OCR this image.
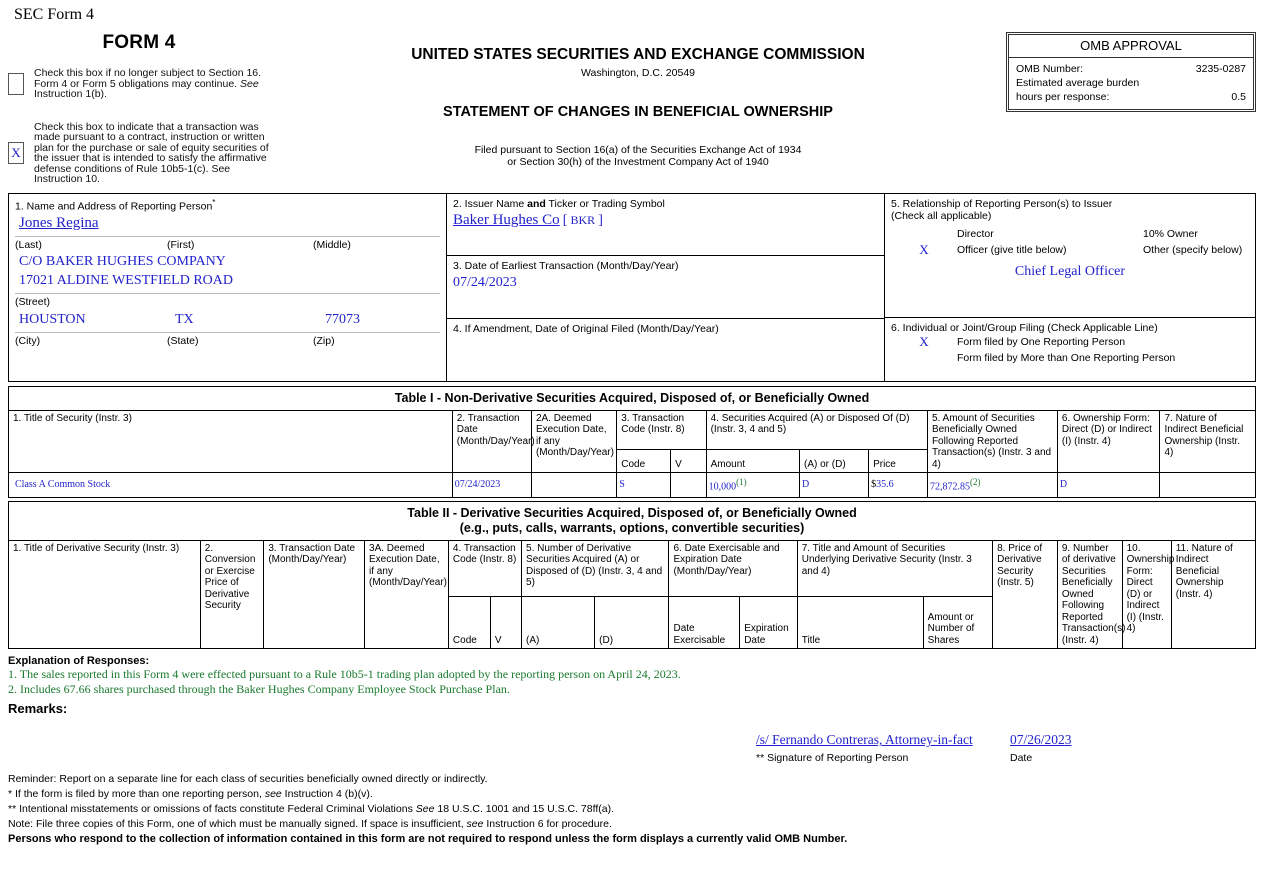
SEC Form 4
FORM 4
Check this box if no longer subject to Section 16. Form 4 or Form 5 obligations may continue. See Instruction 1(b).
X
Check this box to indicate that a transaction was made pursuant to a contract, instruction or written plan for the purchase or sale of equity securities of the issuer that is intended to satisfy the affirmative defense conditions of Rule 10b5-1(c). See Instruction 10.
UNITED STATES SECURITIES AND EXCHANGE COMMISSION
Washington, D.C. 20549
STATEMENT OF CHANGES IN BENEFICIAL OWNERSHIP
Filed pursuant to Section 16(a) of the Securities Exchange Act of 1934
or Section 30(h) of the Investment Company Act of 1940
OMB APPROVAL
OMB Number:	3235-0287
Estimated average burden
hours per response:	0.5
1. Name and Address of Reporting Person*
Jones Regina
(Last)	(First)	(Middle)
C/O BAKER HUGHES COMPANY
17021 ALDINE WESTFIELD ROAD
(Street)
HOUSTON	TX	77073
(City)	(State)	(Zip)
2. Issuer Name and Ticker or Trading Symbol
Baker Hughes Co [ BKR ]
3. Date of Earliest Transaction (Month/Day/Year)
07/24/2023
4. If Amendment, Date of Original Filed (Month/Day/Year)
5. Relationship of Reporting Person(s) to Issuer
(Check all applicable)
Director	10% Owner
X	Officer (give title below)	Other (specify below)
Chief Legal Officer
6. Individual or Joint/Group Filing (Check Applicable Line)
X	Form filed by One Reporting Person
Form filed by More than One Reporting Person
Table I - Non-Derivative Securities Acquired, Disposed of, or Beneficially Owned										
1. Title of Security (Instr. 3)	2. Transaction Date (Month/Day/Year)	2A. Deemed Execution Date, if any (Month/Day/Year)	3. Transaction Code (Instr. 8)		4. Securities Acquired (A) or Disposed Of (D) (Instr. 3, 4 and 5)			5. Amount of Securities Beneficially Owned Following Reported Transaction(s) (Instr. 3 and 4)	6. Ownership Form: Direct (D) or Indirect (I) (Instr. 4)	7. Nature of Indirect Beneficial Ownership (Instr. 4)
			Code	V	Amount	(A) or (D)	Price			
Class A Common Stock	07/24/2023		S		10,000(1)	D	$35.6	72,872.85(2)	D	
Table II - Derivative Securities Acquired, Disposed of, or Beneficially Owned
(e.g., puts, calls, warrants, options, convertible securities)															

1. Title of Derivative Security (Instr. 3)	2. Conversion or Exercise Price of Derivative Security	3. Transaction Date (Month/Day/Year)	3A. Deemed Execution Date, if any (Month/Day/Year)	4. Transaction Code (Instr. 8)		5. Number of Derivative Securities Acquired (A) or Disposed of (D) (Instr. 3, 4 and 5)		6. Date Exercisable and Expiration Date (Month/Day/Year)		7. Title and Amount of Securities Underlying Derivative Security (Instr. 3 and 4)		8. Price of Derivative Security (Instr. 5)	9. Number of derivative Securities Beneficially Owned Following Reported Transaction(s) (Instr. 4)	10. Ownership Form: Direct (D) or Indirect (I) (Instr. 4)	11. Nature of Indirect Beneficial Ownership (Instr. 4)
				Code	V	(A)	(D)	Date Exercisable	Expiration Date	Title	Amount or Number of Shares				
Explanation of Responses:
1. The sales reported in this Form 4 were effected pursuant to a Rule 10b5-1 trading plan adopted by the reporting person on April 24, 2023.
2. Includes 67.66 shares purchased through the Baker Hughes Company Employee Stock Purchase Plan.
Remarks:
/s/ Fernando Contreras, Attorney-in-fact
** Signature of Reporting Person
07/26/2023
Date
Reminder: Report on a separate line for each class of securities beneficially owned directly or indirectly.
* If the form is filed by more than one reporting person, see Instruction 4 (b)(v).
** Intentional misstatements or omissions of facts constitute Federal Criminal Violations See 18 U.S.C. 1001 and 15 U.S.C. 78ff(a).
Note: File three copies of this Form, one of which must be manually signed. If space is insufficient, see Instruction 6 for procedure.
Persons who respond to the collection of information contained in this form are not required to respond unless the form displays a currently valid OMB Number.
